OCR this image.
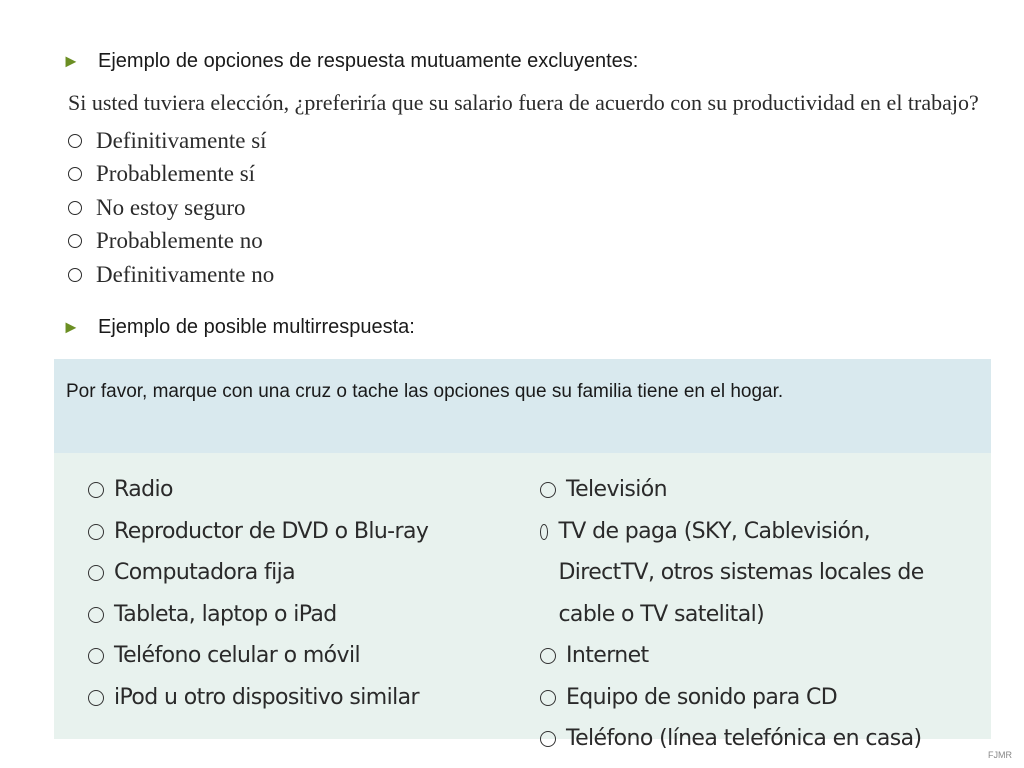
► Ejemplo de opciones de respuesta mutuamente excluyentes:
Si usted tuviera elección, ¿preferiría que su salario fuera de acuerdo con su productividad en el trabajo?
Definitivamente sí
Probablemente sí
No estoy seguro
Probablemente no
Definitivamente no
► Ejemplo de posible multirrespuesta:
Por favor, marque con una cruz o tache las opciones que su familia tiene en el hogar.
Radio
Reproductor de DVD o Blu-ray
Computadora fija
Tableta, laptop o iPad
Teléfono celular o móvil
iPod u otro dispositivo similar
Televisión
TV de paga (SKY, Cablevisión, DirectTV, otros sistemas locales de cable o TV satelital)
Internet
Equipo de sonido para CD
Teléfono (línea telefónica en casa)
FJMR
